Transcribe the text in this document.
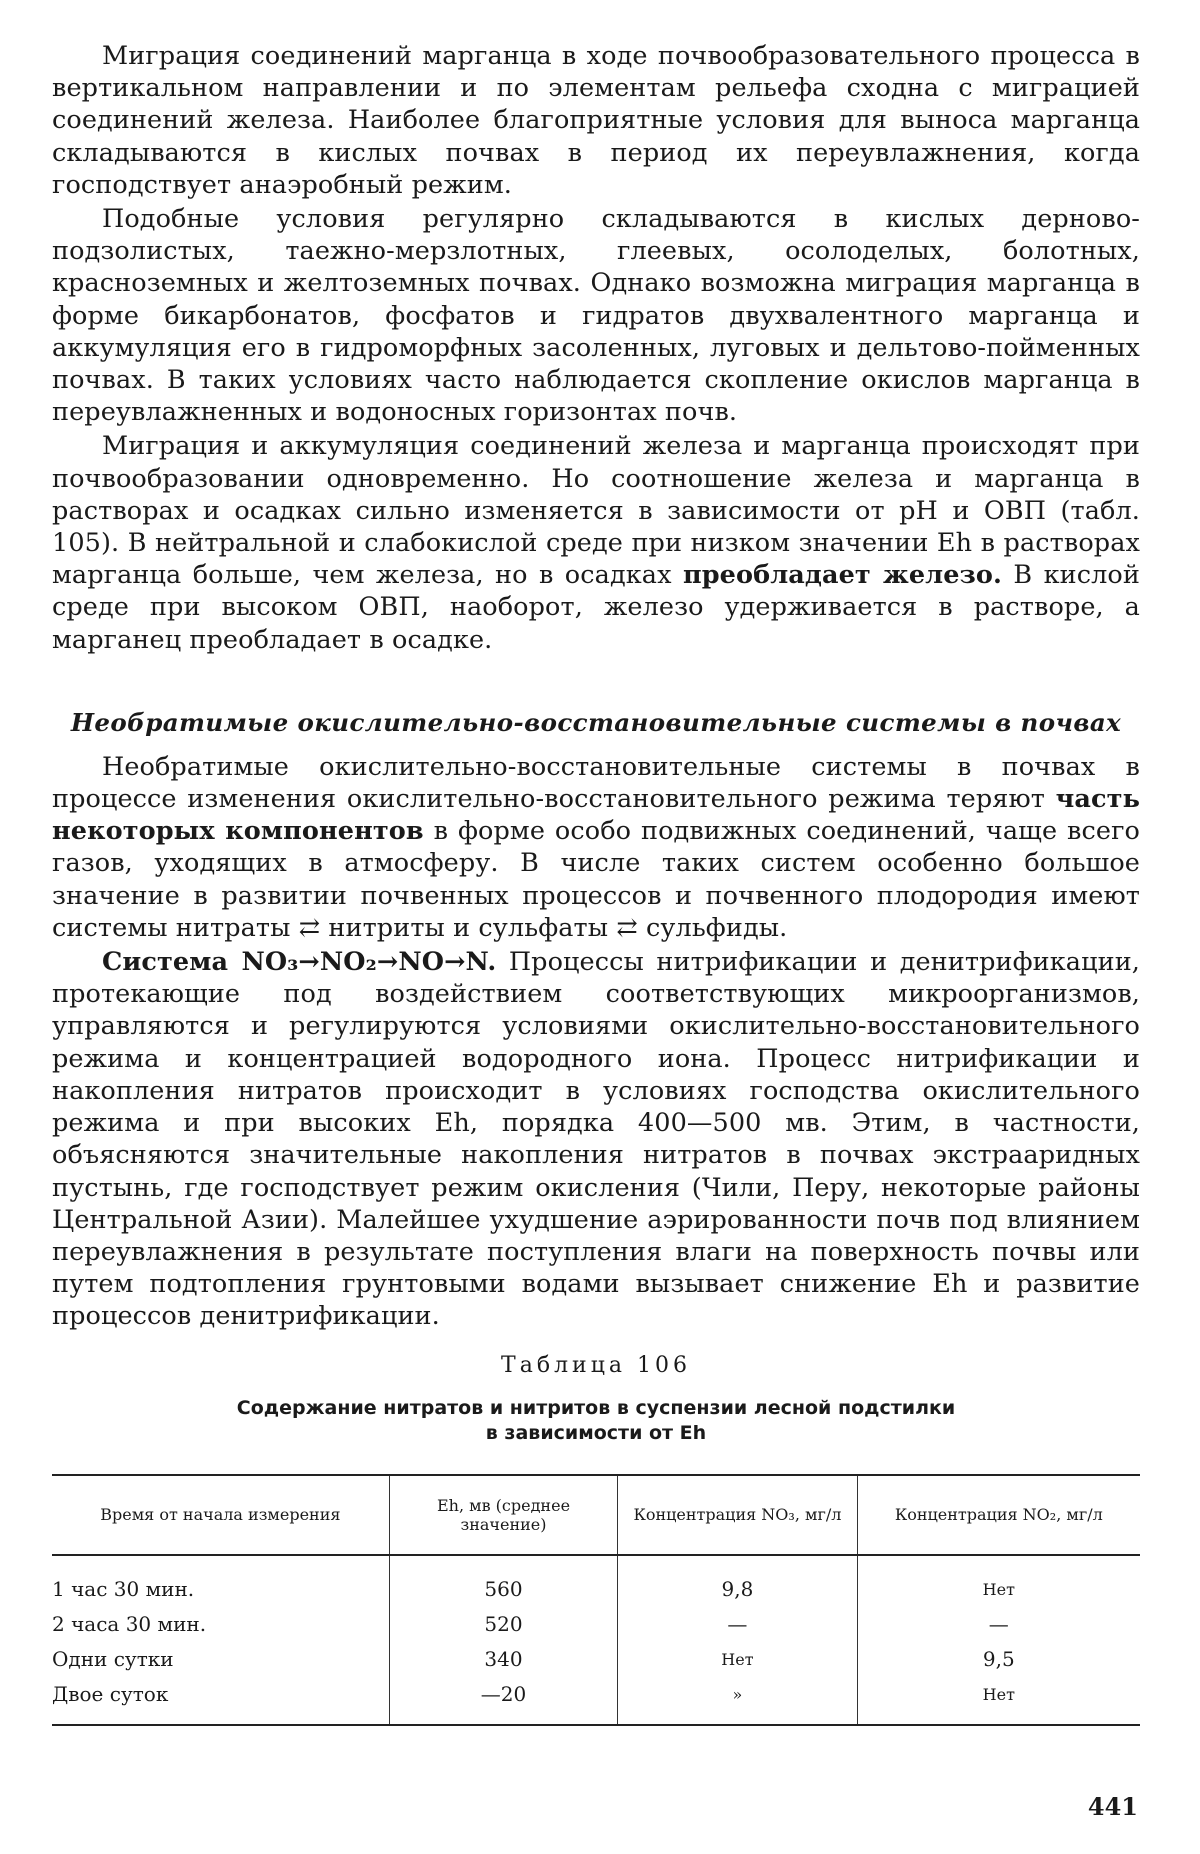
Миграция соединений марганца в ходе почвообразовательного процесса в вертикальном направлении и по элементам рельефа сходна с миграцией соединений железа. Наиболее благоприятные условия для выноса марганца складываются в кислых почвах в период их переувлажнения, когда господствует анаэробный режим.

Подобные условия регулярно складываются в кислых дерново-подзолистых, таежно-мерзлотных, глеевых, осолоделых, болотных, красноземных и желтоземных почвах. Однако возможна миграция марганца в форме бикарбонатов, фосфатов и гидратов двухвалентного марганца и аккумуляция его в гидроморфных засоленных, луговых и дельтово-пойменных почвах. В таких условиях часто наблюдается скопление окислов марганца в переувлажненных и водоносных горизонтах почв.

Миграция и аккумуляция соединений железа и марганца происходят при почвообразовании одновременно. Но соотношение железа и марганца в растворах и осадках сильно изменяется в зависимости от pH и ОВП (табл. 105). В нейтральной и слабокислой среде при низком значении Eh в растворах марганца больше, чем железа, но в осадках преобладает железо. В кислой среде при высоком ОВП, наоборот, железо удерживается в растворе, а марганец преобладает в осадке.

Необратимые окислительно-восстановительные системы в почвах

Необратимые окислительно-восстановительные системы в почвах в процессе изменения окислительно-восстановительного режима теряют часть некоторых компонентов в форме особо подвижных соединений, чаще всего газов, уходящих в атмосферу. В числе таких систем особенно большое значение в развитии почвенных процессов и почвенного плодородия имеют системы нитраты ⇄ нитриты и сульфаты ⇄ сульфиды.

Система NO₃→NO₂→NO→N. Процессы нитрификации и денитрификации, протекающие под воздействием соответствующих микроорганизмов, управляются и регулируются условиями окислительно-восстановительного режима и концентрацией водородного иона. Процесс нитрификации и накопления нитратов происходит в условиях господства окислительного режима и при высоких Eh, порядка 400—500 мв. Этим, в частности, объясняются значительные накопления нитратов в почвах экстрааридных пустынь, где господствует режим окисления (Чили, Перу, некоторые районы Центральной Азии). Малейшее ухудшение аэрированности почв под влиянием переувлажнения в результате поступления влаги на поверхность почвы или путем подтопления грунтовыми водами вызывает снижение Eh и развитие процессов денитрификации.

Таблица 106
Содержание нитратов и нитритов в суспензии лесной подстилки
в зависимости от Eh
Время от начала измерения	Eh, мв (среднее значение)	Концентрация NO₃, мг/л	Концентрация NO₂, мг/л
1 час 30 мин.	560	9,8	Нет
2 часа 30 мин.	520	—	—
Одни сутки	340	Нет	9,5
Двое суток	—20	»	Нет
441
